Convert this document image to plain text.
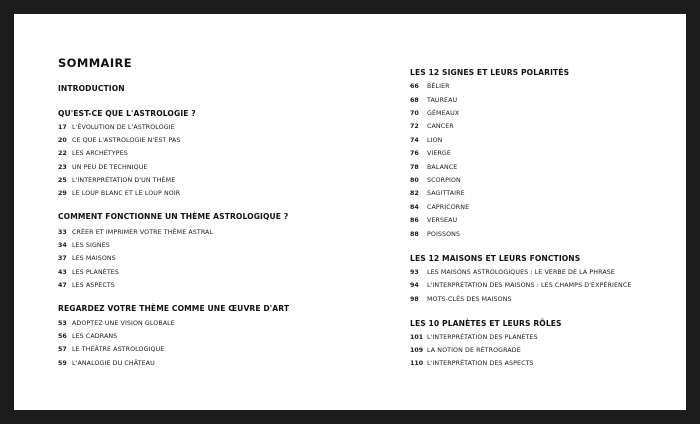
SOMMAIRE
INTRODUCTION
QU'EST-CE QUE L'ASTROLOGIE ?
17 L'ÉVOLUTION DE L'ASTROLOGIE
20 CE QUE L'ASTROLOGIE N'EST PAS
22 LES ARCHÉTYPES
23 UN PEU DE TECHNIQUE
25 L'INTERPRÉTATION D'UN THÈME
29 LE LOUP BLANC ET LE LOUP NOIR
COMMENT FONCTIONNE UN THÈME ASTROLOGIQUE ?
33 CRÉER ET IMPRIMER VOTRE THÈME ASTRAL
34 LES SIGNES
37 LES MAISONS
43 LES PLANÈTES
47 LES ASPECTS
REGARDEZ VOTRE THÈME COMME UNE ŒUVRE D'ART
53 ADOPTEZ UNE VISION GLOBALE
56 LES CADRANS
57 LE THÉÂTRE ASTROLOGIQUE
59 L'ANALOGIE DU CHÂTEAU
LES 12 SIGNES ET LEURS POLARITÉS
66	BÉLIER
68	TAUREAU
70	GÉMEAUX
72	CANCER
74	LION
76	VIERGE
78	BALANCE
80	SCORPION
82	SAGITTAIRE
84	CAPRICORNE
86	VERSEAU
88	POISSONS
LES 12 MAISONS ET LEURS FONCTIONS
93	LES MAISONS ASTROLOGIQUES : LE VERBE DE LA PHRASE
94	L'INTERPRÉTATION DES MAISONS : LES CHAMPS D'EXPÉRIENCE
98	MOTS-CLÉS DES MAISONS
LES 10 PLANÈTES ET LEURS RÔLES
101 L'INTERPRÉTATION DES PLANÈTES
109 LA NOTION DE RÉTROGRADE
110 L'INTERPRÉTATION DES ASPECTS
